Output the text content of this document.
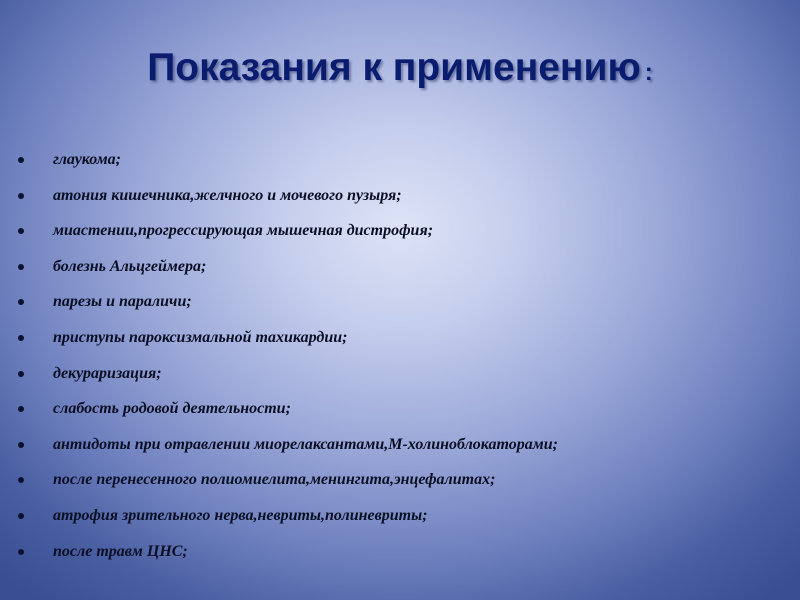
Показания к применению :
глаукома;
атония кишечника,желчного и мочевого пузыря;
миастении,прогрессирующая мышечная дистрофия;
болезнь Альцгеймера;
парезы и параличи;
приступы пароксизмальной тахикардии;
декураризация;
слабость родовой деятельности;
антидоты при отравлении миорелаксантами,М-холиноблокаторами;
после перенесенного полиомиелита,менингита,энцефалитах;
атрофия зрительного нерва,невриты,полиневриты;
после травм ЦНС;
